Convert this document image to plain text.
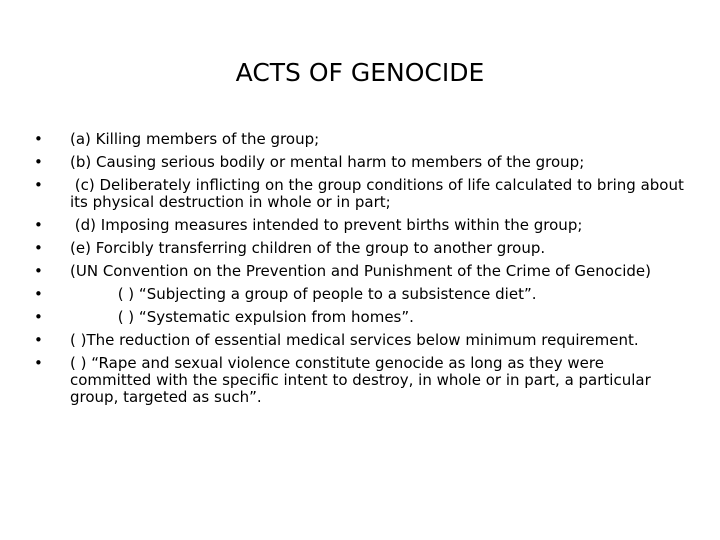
ACTS OF GENOCIDE
•	(a) Killing members of the group;
•	(b) Causing serious bodily or mental harm to members of the group;
•	(c) Deliberately inflicting on the group conditions of life calculated to bring about its physical destruction in whole or in part;
•	(d) Imposing measures intended to prevent births within the group;
•	(e) Forcibly transferring children of the group to another group.
•	(UN Convention on the Prevention and Punishment of the Crime of Genocide)
•	( ) “Subjecting a group of people to a subsistence diet”.
•	( ) “Systematic expulsion from homes”.
•	( )The reduction of essential medical services below minimum requirement.
•	( ) “Rape and sexual violence constitute genocide as long as they were committed with the specific intent to destroy, in whole or in part, a particular group, targeted as such”.
